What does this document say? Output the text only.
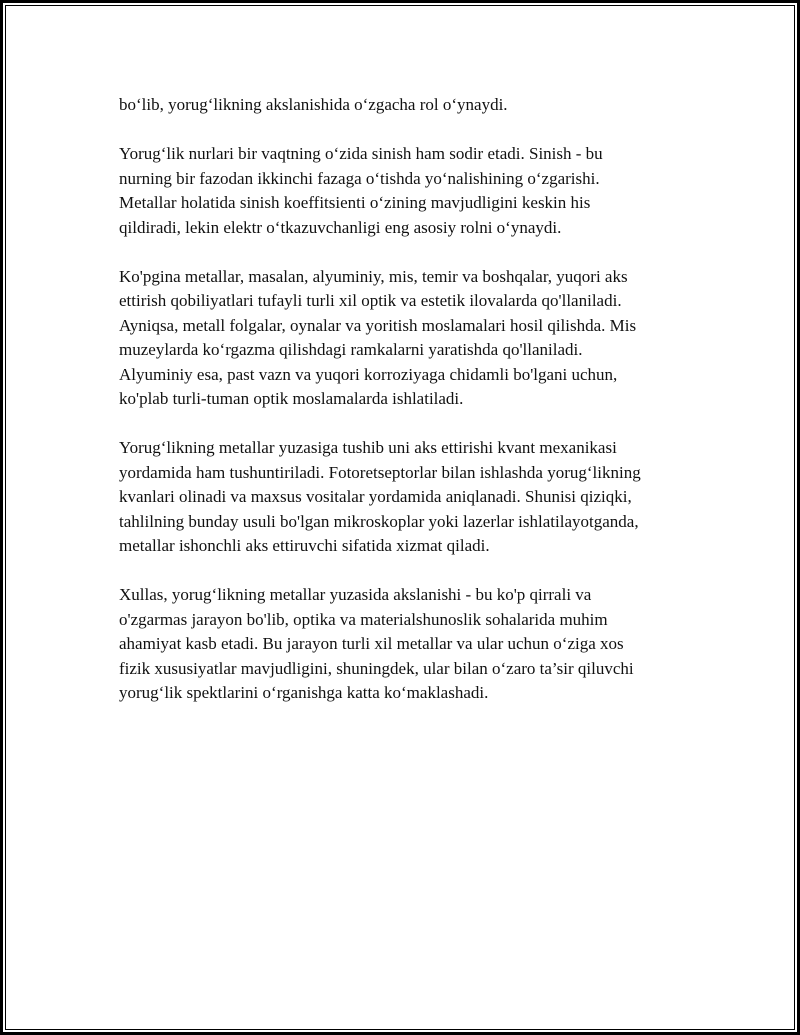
bo‘lib, yorug‘likning akslanishida o‘zgacha rol o‘ynaydi.

Yorug‘lik nurlari bir vaqtning o‘zida sinish ham sodir etadi. Sinish - bu
nurning bir fazodan ikkinchi fazaga o‘tishda yo‘nalishining o‘zgarishi.
Metallar holatida sinish koeffitsienti o‘zining mavjudligini keskin his
qildiradi, lekin elektr o‘tkazuvchanligi eng asosiy rolni o‘ynaydi.

Ko'pgina metallar, masalan, alyuminiy, mis, temir va boshqalar, yuqori aks
ettirish qobiliyatlari tufayli turli xil optik va estetik ilovalarda qo'llaniladi.
Ayniqsa, metall folgalar, oynalar va yoritish moslamalari hosil qilishda. Mis
muzeylarda ko‘rgazma qilishdagi ramkalarni yaratishda qo'llaniladi.
Alyuminiy esa, past vazn va yuqori korroziyaga chidamli bo'lgani uchun,
ko'plab turli-tuman optik moslamalarda ishlatiladi.

Yorug‘likning metallar yuzasiga tushib uni aks ettirishi kvant mexanikasi
yordamida ham tushuntiriladi. Fotoretseptorlar bilan ishlashda yorug‘likning
kvanlari olinadi va maxsus vositalar yordamida aniqlanadi. Shunisi qiziqki,
tahlilning bunday usuli bo'lgan mikroskoplar yoki lazerlar ishlatilayotganda,
metallar ishonchli aks ettiruvchi sifatida xizmat qiladi.

Xullas, yorug‘likning metallar yuzasida akslanishi - bu ko'p qirrali va
o'zgarmas jarayon bo'lib, optika va materialshunoslik sohalarida muhim
ahamiyat kasb etadi. Bu jarayon turli xil metallar va ular uchun o‘ziga xos
fizik xususiyatlar mavjudligini, shuningdek, ular bilan o‘zaro ta’sir qiluvchi
yorug‘lik spektlarini o‘rganishga katta ko‘maklashadi.
